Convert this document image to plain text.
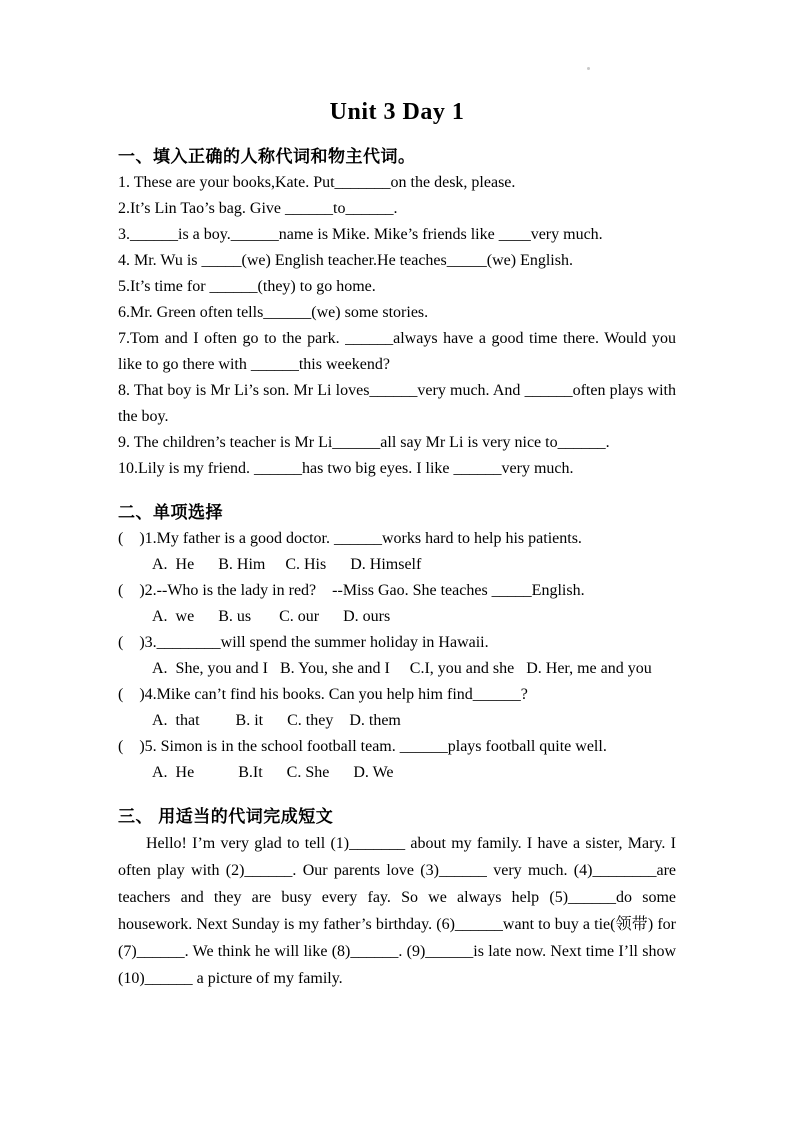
Unit 3 Day 1
一、填入正确的人称代词和物主代词。

1. These are your books,Kate. Put_______on the desk, please.

2.It’s Lin Tao’s bag. Give ______to______.

3.______is a boy.______name is Mike. Mike’s friends like ____very much.

4. Mr. Wu is _____(we) English teacher.He teaches_____(we) English.

5.It’s time for ______(they) to go home.

6.Mr. Green often tells______(we) some stories.

7.Tom and I often go to the park. ______always have a good time there. Would you like to go there with ______this weekend?

8. That boy is Mr Li’s son. Mr Li loves______very much. And ______often plays with the boy.

9. The children’s teacher is Mr Li______all say Mr Li is very nice to______.

10.Lily is my friend. ______has two big eyes. I like ______very much.

二、单项选择

(    )1.My father is a good doctor. ______works hard to help his patients.

A.  He      B. Him     C. His      D. Himself

(    )2.--Who is the lady in red?    --Miss Gao. She teaches _____English.

A.  we      B. us       C. our      D. ours

(    )3.________will spend the summer holiday in Hawaii.

A.  She, you and I   B. You, she and I     C.I, you and she   D. Her, me and you

(    )4.Mike can’t find his books. Can you help him find______?

A.  that         B. it      C. they    D. them

(    )5. Simon is in the school football team. ______plays football quite well.

A.  He           B.It      C. She      D. We

三、 用适当的代词完成短文

Hello! I’m very glad to tell (1)_______ about my family. I have a sister, Mary. I often play with (2)______. Our parents love (3)______ very much. (4)________are teachers and they are busy every fay. So we always help (5)______do some housework. Next Sunday is my father’s birthday. (6)______want to buy a tie(领带) for (7)______. We think he will like (8)______. (9)______is late now. Next time I’ll show (10)______ a picture of my family.
